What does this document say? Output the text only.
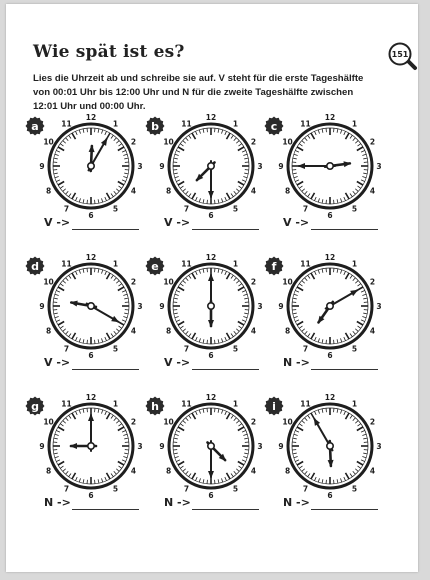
Wie spät ist es?	151
Lies die Uhrzeit ab und schreibe sie auf. V steht für die erste Tageshälfte von 00:01 Uhr bis 12:00 Uhr und N für die zweite Tageshälfte zwischen 12:01 Uhr und 00:00 Uhr.
a
12
1
2
3
4
5
6
7
8
9
10
11
V ->
b
12
1
2
3
4
5
6
7
8
9
10
11
V ->
c
12
1
2
3
4
5
6
7
8
9
10
11
V ->
d
12
1
2
3
4
5
6
7
8
9
10
11
V ->
e
12
1
2
3
4
5
6
7
8
9
10
11
V ->
f
12
1
2
3
4
5
6
7
8
9
10
11
N ->
g
12
1
2
3
4
5
6
7
8
9
10
11
N ->
h
12
1
2
3
4
5
6
7
8
9
10
11
N ->
i
12
1
2
3
4
5
6
7
8
9
10
11
N ->
